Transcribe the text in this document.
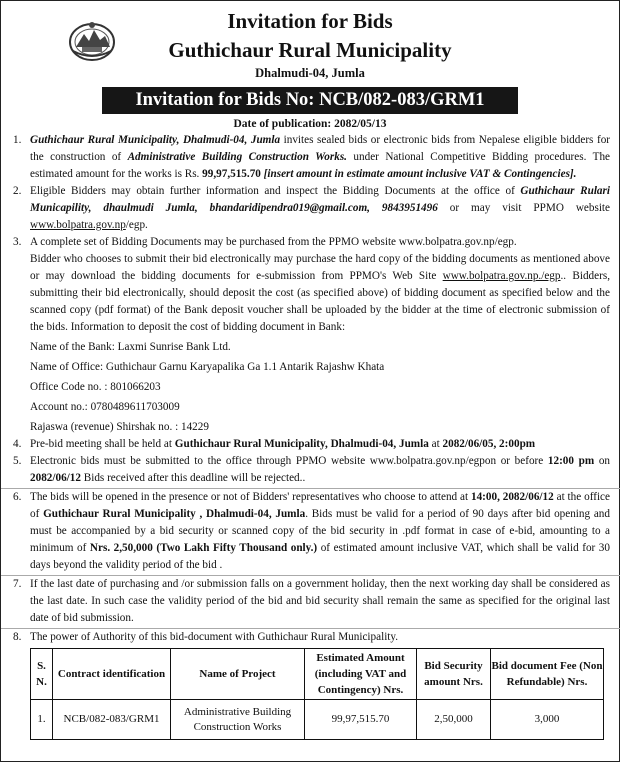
Invitation for Bids
Guthichaur Rural Municipality
Dhalmudi-04, Jumla
Invitation for Bids No: NCB/082-083/GRM1
Date of publication: 2082/05/13
1. Guthichaur Rural Municipality, Dhalmudi-04, Jumla invites sealed bids or electronic bids from Nepalese eligible bidders for the construction of Administrative Building Construction Works. under National Competitive Bidding procedures. The estimated amount for the works is Rs. 99,97,515.70 [insert amount in estimate amount inclusive VAT & Contingencies].
2. Eligible Bidders may obtain further information and inspect the Bidding Documents at the office of Guthichaur Rulari Municapility, dhaulmudi Jumla, bhandaridipendra019@gmail.com, 9843951496 or may visit PPMO website www.bolpatra.gov.np/egp.
3. A complete set of Bidding Documents may be purchased from the PPMO website www.bolpatra.gov.np/egp.
Bidder who chooses to submit their bid electronically may purchase the hard copy of the bidding documents as mentioned above or may download the bidding documents for e-submission from PPMO's Web Site www.bolpatra.gov.np./egp.. Bidders, submitting their bid electronically, should deposit the cost (as specified above) of bidding document as specified below and the scanned copy (pdf format) of the Bank deposit voucher shall be uploaded by the bidder at the time of electronic submission of the bids. Information to deposit the cost of bidding document in Bank:
Name of the Bank: Laxmi Sunrise Bank Ltd.
Name of Office: Guthichaur Garnu Karyapalika Ga 1.1 Antarik Rajashw Khata
Office Code no. : 801066203
Account no.: 0780489611703009
Rajaswa (revenue) Shirshak no. : 14229
4. Pre-bid meeting shall be held at Guthichaur Rural Municipality, Dhalmudi-04, Jumla at 2082/06/05, 2:00pm
5. Electronic bids must be submitted to the office through PPMO website www.bolpatra.gov.np/egpon or before 12:00 pm on 2082/06/12 Bids received after this deadline will be rejected..
6. The bids will be opened in the presence or not of Bidders' representatives who choose to attend at 14:00, 2082/06/12 at the office of Guthichaur Rural Municipality , Dhalmudi-04, Jumla. Bids must be valid for a period of 90 days after bid opening and must be accompanied by a bid security or scanned copy of the bid security in .pdf format in case of e-bid, amounting to a minimum of Nrs. 2,50,000 (Two Lakh Fifty Thousand only.) of estimated amount inclusive VAT, which shall be valid for 30 days beyond the validity period of the bid .
7. If the last date of purchasing and /or submission falls on a government holiday, then the next working day shall be considered as the last date. In such case the validity period of the bid and bid security shall remain the same as specified for the original last date of bid submission.
8. The power of Authority of this bid-document with Guthichaur Rural Municipality.
S. N.	Contract identification	Name of Project	Estimated Amount (including VAT and Contingency) Nrs.	Bid Security amount Nrs.	Bid document Fee (Non Refundable) Nrs.
1.	NCB/082-083/GRM1	Administrative Building Construction Works	99,97,515.70	2,50,000	3,000
